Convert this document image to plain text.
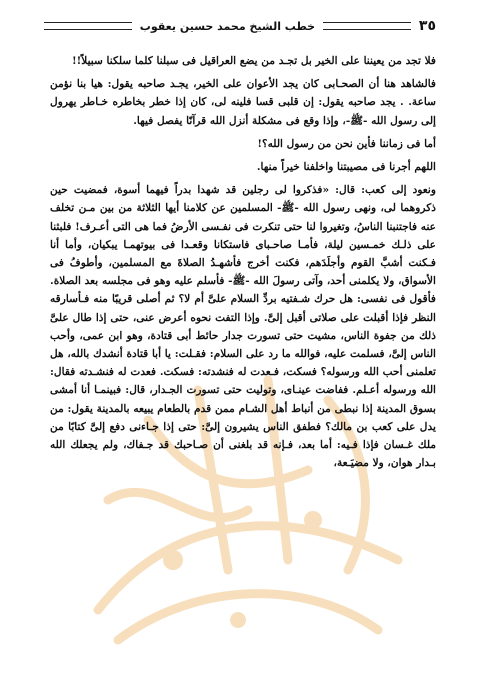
٣٥
خطب الشيخ محمد حسين يعقوب

فلا تجد من يعيننا على الخير بل تجـد من يضع العراقيل فى سبلنا كلما سلكنا سبيلاً!!

فالشاهد هنا أن الصحـابى كان يجد الأعوان على الخير، يجـد صاحبه يقول: هيا بنا نؤمن ساعة. . يجد صاحبه يقول: إن قلبى قسا فلينه لى، كان إذا خطر بخاطره خـاطر يهرول إلى رسول الله -ﷺ-، وإذا وقع فى مشكلة أنزل الله قرآنًا يفصل فيها.

أما فى زماننا فأين نحن من رسول الله؟!

اللهم أجرنا فى مصيبتنا واخلفنا خيراً منها.

ونعود إلى كعب: قال: «فذكروا لى رجلين قد شهدا بدراً فيهما أسوة، فمضيت حين ذكروهما لى، ونهى رسول الله -ﷺ- المسلمين عن كلامنا أيها الثلاثة من بين مـن تخلف عنه فاجتنبنا الناسُ، وتغيروا لنا حتى تنكرت فى نفـسى الأرضُ فما هى التى أعـرف! فلبثنا على ذلـك خمـسين ليلة، فأمـا صاحـباى فاستكانا وقعـدا فى بيوتهمـا يبكيان، وأما أنا فـكنت أشبَّ القوم وأجلَدَهم، فكنت أخرج فأشهـدُ الصلاةَ مع المسلمين، وأطوفُ فى الأسواق، ولا يكلمنى أحد، وآتى رسولَ الله -ﷺ- فأسلم عليه وهو فى مجلسه بعد الصلاة. فأقول فى نفسى: هل حرك شـفتيه بردِّ السلام علىَّ أم لا؟ ثم أصلى قريبًا منه فـأسارقه النظر فإذا أقبلت على صلاتى أقبل إلىَّ. وإذا التفت نحوه أعرض عنى، حتى إذا طال علىَّ ذلك من جفوة الناس، مشيت حتى تسورت جدار حائط أبى قتادة، وهو ابن عمى، وأحب الناس إلىَّ، فسلمت عليه، فوالله ما رد على السلام: فقـلت: يا أبا قتادة أنشدك بالله، هل تعلمنى أحب الله ورسوله؟ فسكت، فـعدت له فنشدته: فسكت. فعدت له فنشـدته فقال: الله ورسوله أعـلم. ففاضت عينـاى، وتوليت حتى تسورت الجـدار، قال: فبينمـا أنا أمشى بسوق المدينة إذا نبطى من أنباط أهل الشـام ممن قدم بالطعام يبيعه بالمدينة يقول: من يدل على كعب بن مالك؟ فطفق الناس يشيرون إلىَّ: حتى إذا جـاءنى دفع إلىَّ كتابًا من ملك غـسان فإذا فـيه: أما بعد، فـإنه قد بلغنى أن صـاحبك قد جـفاك، ولم يجعلك الله بـدار هوان، ولا مضيَـعة،
